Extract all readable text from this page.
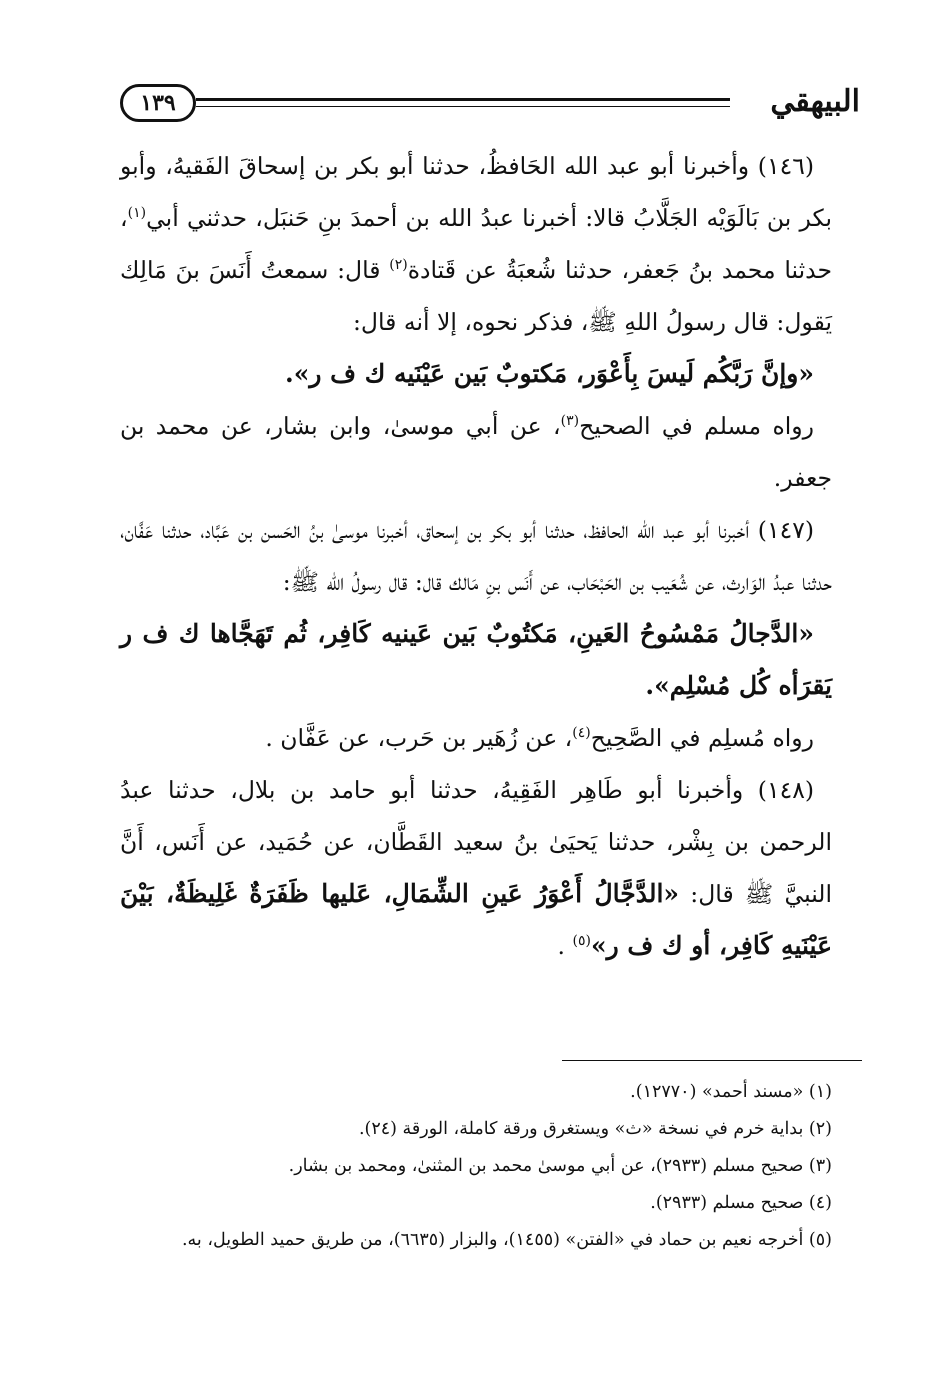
١٣٩	البيهقي

(١٤٦) وأخبرنا أبو عبد الله الحَافظُ، حدثنا أبو بكر بن إسحاقَ الفَقيهُ، وأبو بكر بن بَالَوَيْه الجَلَّابُ قالا: أخبرنا عبدُ الله بن أحمدَ بنِ حَنبَل، حدثني أبي$^{(١)}$، حدثنا محمد بنُ جَعفر، حدثنا شُعبَةُ عن قَتادة$^{(٢)}$ قال: سمعتُ أَنَسَ بنَ مَالِك يَقول: قال رسولُ اللهِ ﷺ، فذكر نحوه، إلا أنه قال:

«وإنَّ رَبَّكُم لَيسَ بِأَعْوَر، مَكتوبٌ بَين عَيْنَيه ك ف ر».

رواه مسلم في الصحيح$^{(٣)}$، عن أبي موسىٰ، وابن بشار، عن محمد بن جعفر.

(١٤٧) أخبرنا أبو عبد الله الحافظ، حدثنا أبو بكر بن إسحاق، أخبرنا موسىٰ بنُ الحَسن بن عَبَّاد، حدثنا عَفَّان، حدثنا عبدُ الوَارث، عن شُعَيب بن الحَبْحَاب، عن أَنَس بنِ مَالك قال: قال رسولُ الله ﷺ:

«الدَّجالُ مَمْسُوحُ العَينِ، مَكتُوبٌ بَين عَينيه كَافِر، ثُم تَهَجَّاها ك ف ر يَقرَأه كُل مُسْلِم».

رواه مُسلِم في الصَّحِيح$^{(٤)}$، عن زُهَير بن حَرب، عن عَفَّان .

(١٤٨) وأخبرنا أبو طَاهِر الفَقِيهُ، حدثنا أبو حامد بن بلال، حدثنا عبدُ الرحمن بن بِشْر، حدثنا يَحيَىٰ بنُ سعيد القَطَّان، عن حُمَيد، عن أَنَس، أَنَّ النبيَّ ﷺ قال: «الدَّجَّالُ أَعْوَرُ عَينِ الشِّمَالِ، عَليها ظَفَرَةٌ غَلِيظَةٌ، بَيْنَ عَيْنَيهِ كَافِر، أو ك ف ر»$^{(٥)}$ .

(١) «مسند أحمد» (١٢٧٧٠).

(٢) بداية خرم في نسخة «ث» ويستغرق ورقة كاملة، الورقة (٢٤).

(٣) صحيح مسلم (٢٩٣٣)، عن أبي موسىٰ محمد بن المثنىٰ، ومحمد بن بشار.

(٤) صحيح مسلم (٢٩٣٣).

(٥) أخرجه نعيم بن حماد في «الفتن» (١٤٥٥)، والبزار (٦٦٣٥)، من طريق حميد الطويل، به.
